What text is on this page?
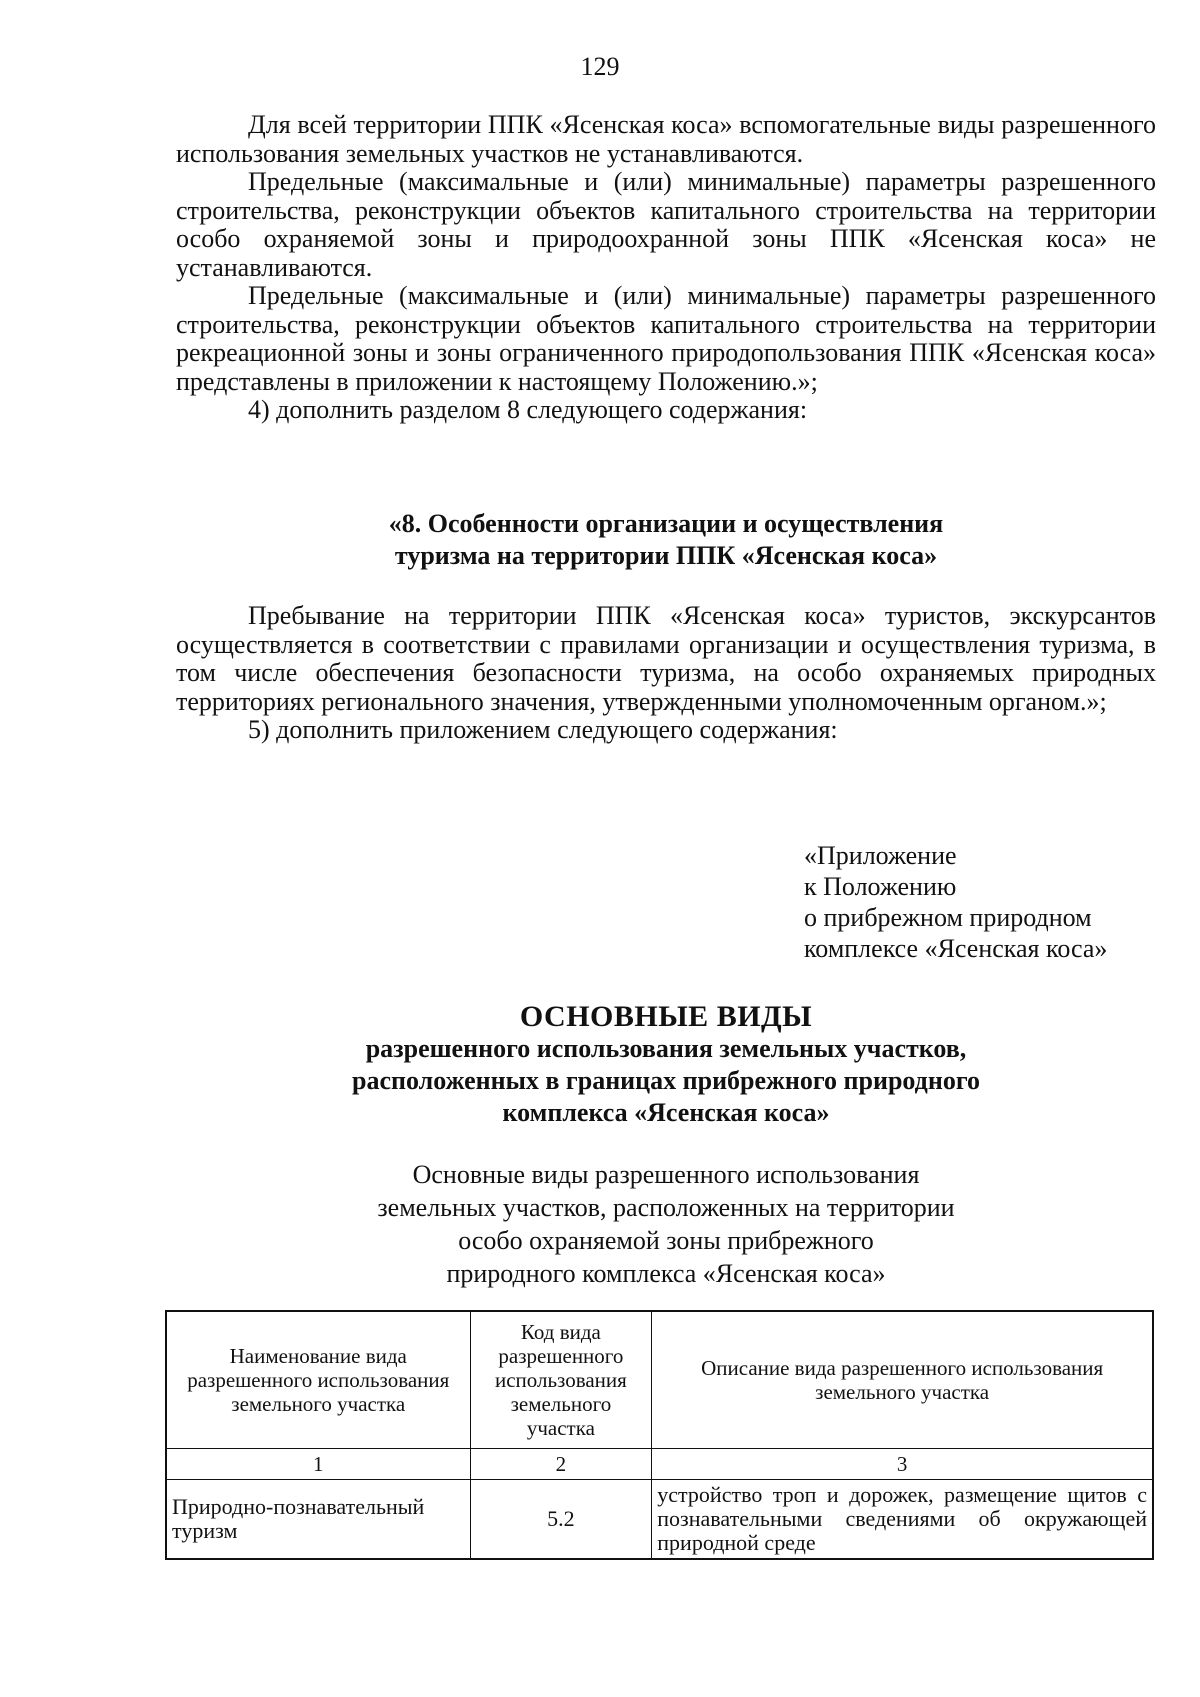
129

Для всей территории ППК «Ясенская коса» вспомогательные виды разрешенного использования земельных участков не устанавливаются.

Предельные (максимальные и (или) минимальные) параметры разрешенного строительства, реконструкции объектов капитального строительства на территории особо охраняемой зоны и природоохранной зоны ППК «Ясенская коса» не устанавливаются.

Предельные (максимальные и (или) минимальные) параметры разрешенного строительства, реконструкции объектов капитального строительства на территории рекреационной зоны и зоны ограниченного природопользования ППК «Ясенская коса» представлены в приложении к настоящему Положению.»;

4) дополнить разделом 8 следующего содержания:

«8. Особенности организации и осуществления
туризма на территории ППК «Ясенская коса»

Пребывание на территории ППК «Ясенская коса» туристов, экскурсантов осуществляется в соответствии с правилами организации и осуществления туризма, в том числе обеспечения безопасности туризма, на особо охраняемых природных территориях регионального значения, утвержденными уполномоченным органом.»;

5) дополнить приложением следующего содержания:

«Приложение
к Положению
о прибрежном природном
комплексе «Ясенская коса»
ОСНОВНЫЕ ВИДЫ
разрешенного использования земельных участков,
расположенных в границах прибрежного природного
комплекса «Ясенская коса»
Основные виды разрешенного использования
земельных участков, расположенных на территории
особо охраняемой зоны прибрежного
природного комплекса «Ясенская коса»
Наименование вида разрешенного использования земельного участка	Код вида разрешенного использования земельного участка	Описание вида разрешенного использования земельного участка
1	2	3
Природно-познавательный туризм	5.2	устройство троп и дорожек, размещение щитов с познавательными сведениями об окружающей природной среде
